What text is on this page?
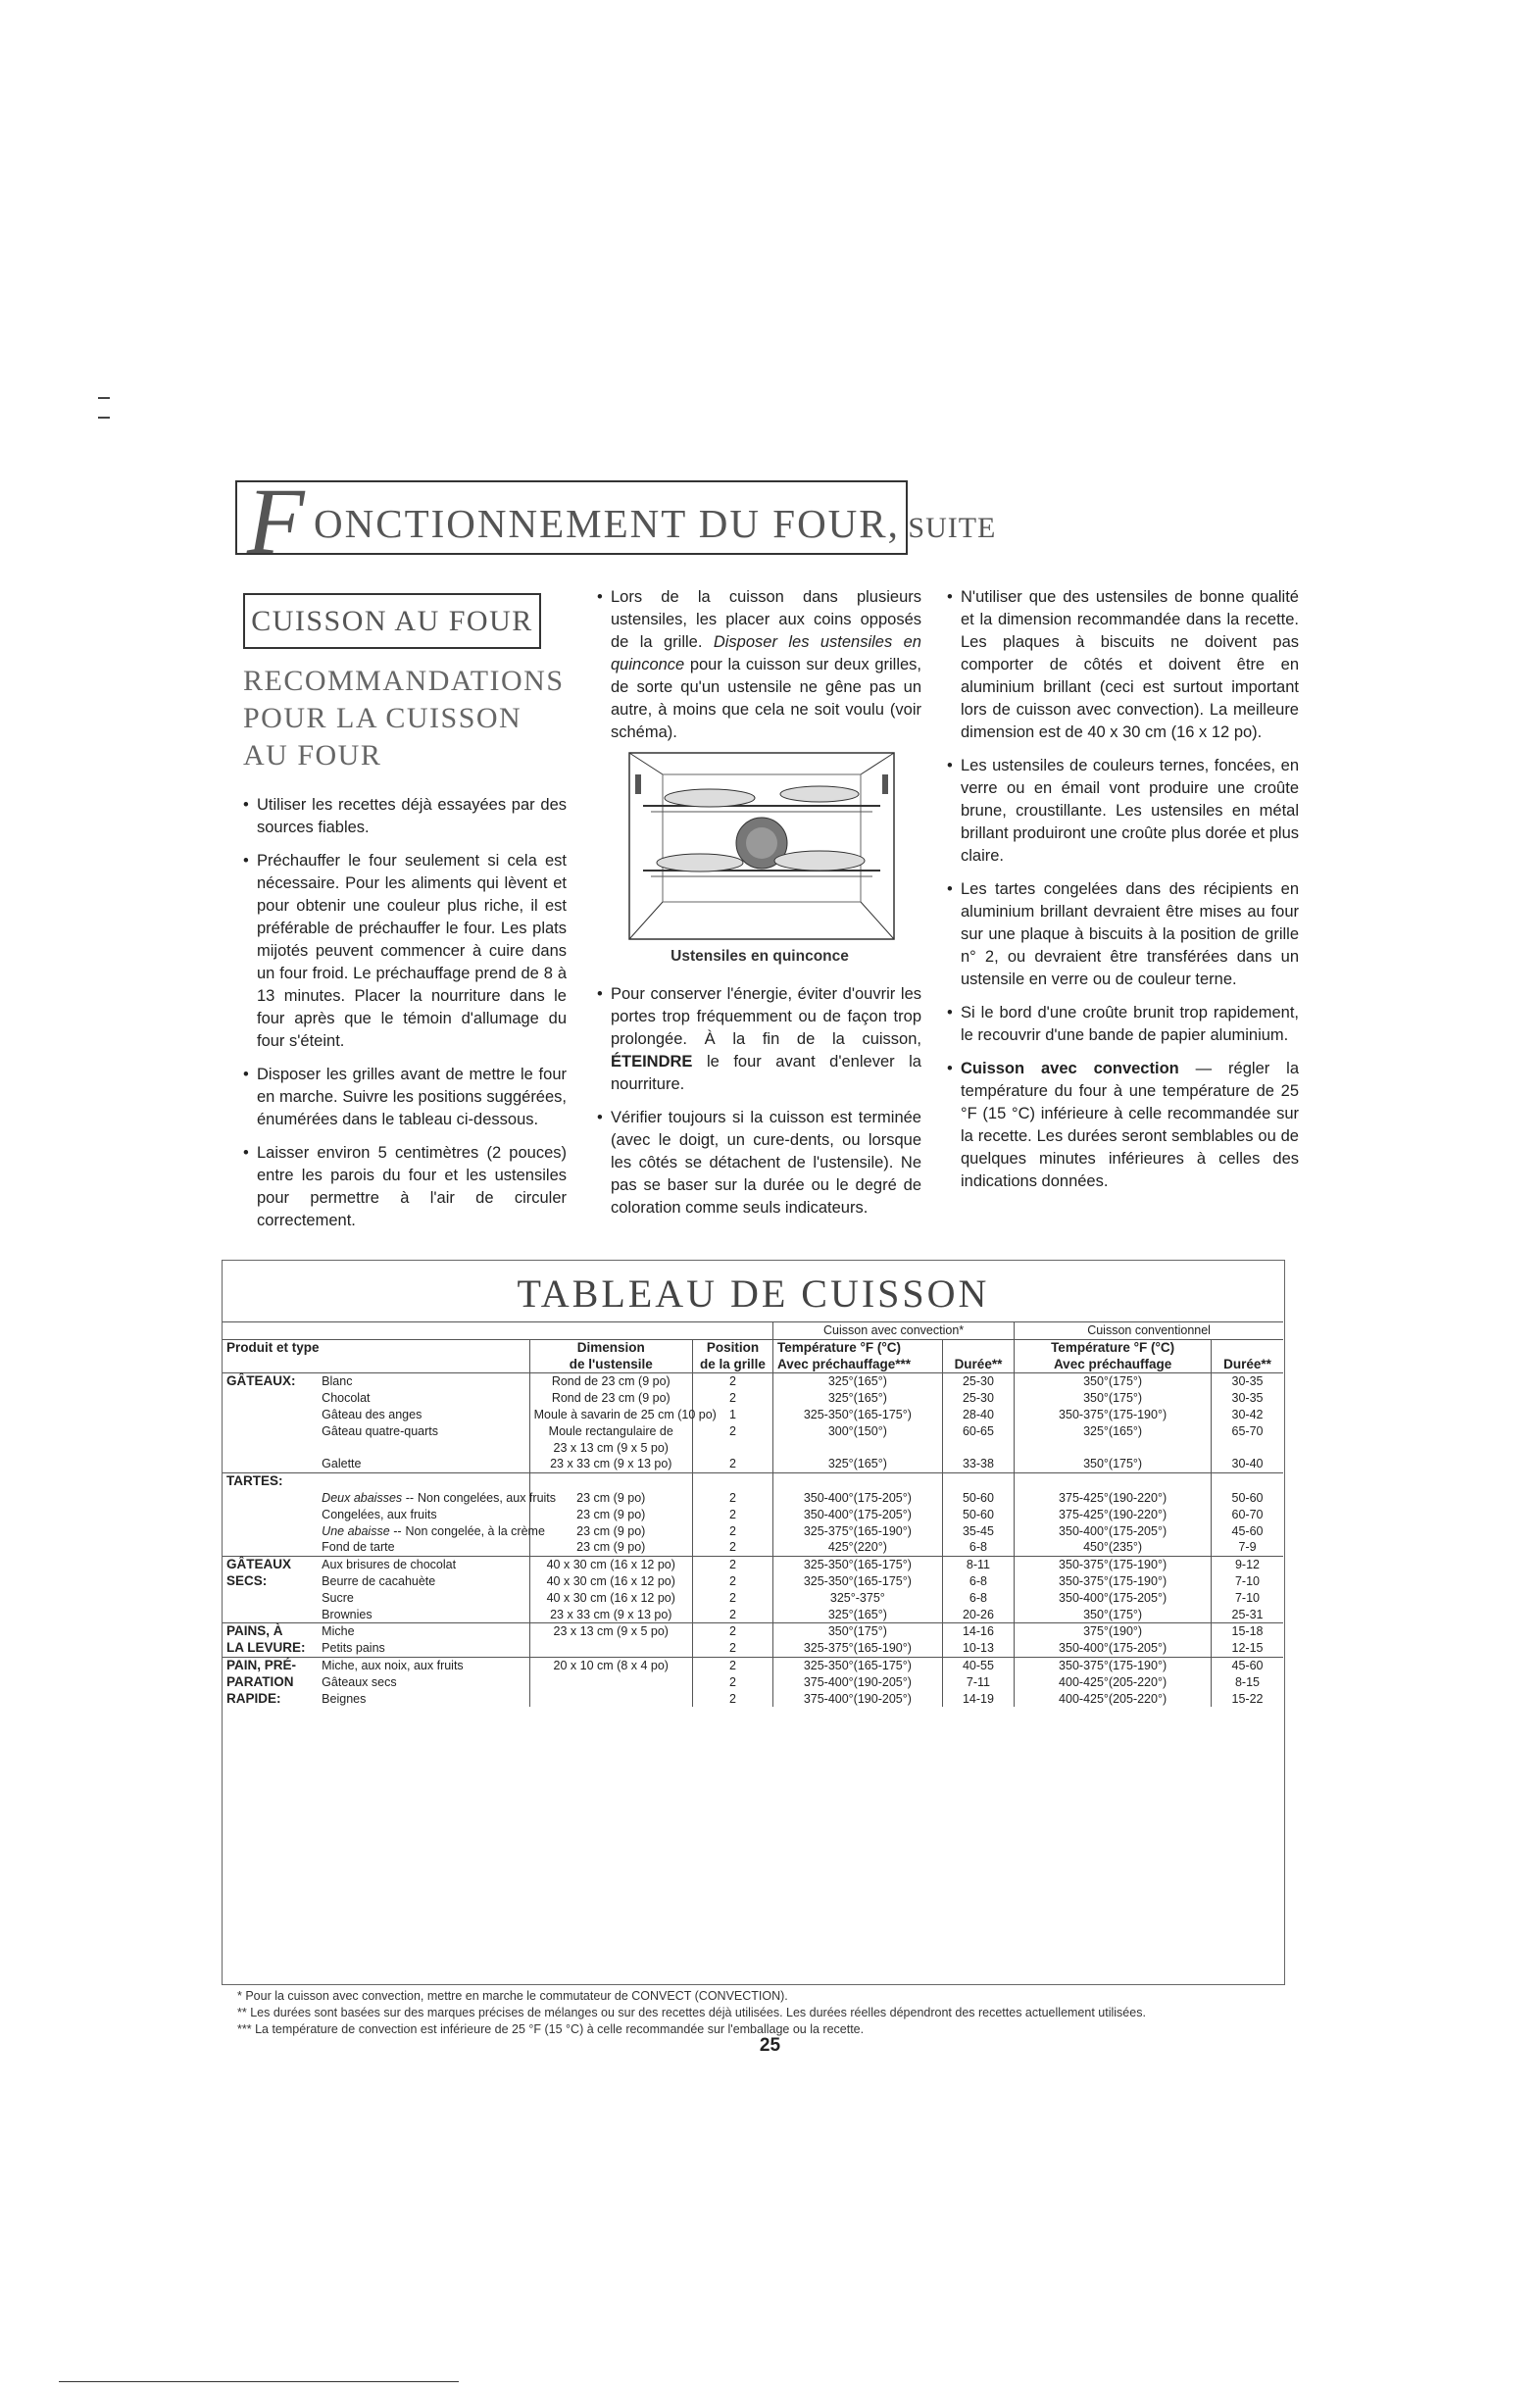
F ONCTIONNEMENT DU FOUR, SUITE
CUISSON AU FOUR
RECOMMANDATIONS POUR LA CUISSON AU FOUR

• Utiliser les recettes déjà essayées par des sources fiables.

• Préchauffer le four seulement si cela est nécessaire. Pour les aliments qui lèvent et pour obtenir une couleur plus riche, il est préférable de préchauffer le four. Les plats mijotés peuvent commencer à cuire dans un four froid. Le préchauffage prend de 8 à 13 minutes. Placer la nourriture dans le four après que le témoin d'allumage du four s'éteint.

• Disposer les grilles avant de mettre le four en marche. Suivre les positions suggérées, énumérées dans le tableau ci-dessous.

• Laisser environ 5 centimètres (2 pouces) entre les parois du four et les ustensiles pour permettre à l'air de circuler correctement.

• Lors de la cuisson dans plusieurs ustensiles, les placer aux coins opposés de la grille. Disposer les ustensiles en quinconce pour la cuisson sur deux grilles, de sorte qu'un ustensile ne gêne pas un autre, à moins que cela ne soit voulu (voir schéma).

Ustensiles en quinconce

• Pour conserver l'énergie, éviter d'ouvrir les portes trop fréquemment ou de façon trop prolongée. À la fin de la cuisson, ÉTEINDRE le four avant d'enlever la nourriture.

• Vérifier toujours si la cuisson est terminée (avec le doigt, un cure-dents, ou lorsque les côtés se détachent de l'ustensile). Ne pas se baser sur la durée ou le degré de coloration comme seuls indicateurs.

• N'utiliser que des ustensiles de bonne qualité et la dimension recommandée dans la recette. Les plaques à biscuits ne doivent pas comporter de côtés et doivent être en aluminium brillant (ceci est surtout important lors de cuisson avec convection). La meilleure dimension est de 40 x 30 cm (16 x 12 po).

• Les ustensiles de couleurs ternes, foncées, en verre ou en émail vont produire une croûte brune, croustillante. Les ustensiles en métal brillant produiront une croûte plus dorée et plus claire.

• Les tartes congelées dans des récipients en aluminium brillant devraient être mises au four sur une plaque à biscuits à la position de grille n° 2, ou devraient être transférées dans un ustensile en verre ou de couleur terne.

• Si le bord d'une croûte brunit trop rapidement, le recouvrir d'une bande de papier aluminium.

• Cuisson avec convection — régler la température du four à une température de 25 °F (15 °C) inférieure à celle recommandée sur la recette. Les durées seront semblables ou de quelques minutes inférieures à celles des indications données.

TABLEAU DE CUISSON
				Cuisson avec convection*		Cuisson conventionnel	
Produit et type		Dimension	Position	Température °F (°C)		Température °F (°C)	
		de l'ustensile	de la grille	Avec préchauffage***	Durée**	Avec préchauffage	Durée**
GÂTEAUX:	Blanc	Rond de 23 cm (9 po)	2	325°(165°)	25-30	350°(175°)	30-35
	Chocolat	Rond de 23 cm (9 po)	2	325°(165°)	25-30	350°(175°)	30-35
	Gâteau des anges	Moule à savarin de 25 cm (10 po)	1	325-350°(165-175°)	28-40	350-375°(175-190°)	30-42
	Gâteau quatre-quarts	Moule rectangulaire de	2	300°(150°)	60-65	325°(165°)	65-70
		23 x 13 cm (9 x 5 po)					
	Galette	23 x 33 cm (9 x 13 po)	2	325°(165°)	33-38	350°(175°)	30-40
TARTES:							
	Deux abaisses -- Non congelées, aux fruits	23 cm (9 po)	2	350-400°(175-205°)	50-60	375-425°(190-220°)	50-60
	Congelées, aux fruits	23 cm (9 po)	2	350-400°(175-205°)	50-60	375-425°(190-220°)	60-70
	Une abaisse -- Non congelée, à la crème	23 cm (9 po)	2	325-375°(165-190°)	35-45	350-400°(175-205°)	45-60
	Fond de tarte	23 cm (9 po)	2	425°(220°)	6-8	450°(235°)	7-9
GÂTEAUX	Aux brisures de chocolat	40 x 30 cm (16 x 12 po)	2	325-350°(165-175°)	8-11	350-375°(175-190°)	9-12
SECS:	Beurre de cacahuète	40 x 30 cm (16 x 12 po)	2	325-350°(165-175°)	6-8	350-375°(175-190°)	7-10
	Sucre	40 x 30 cm (16 x 12 po)	2	325°-375°	6-8	350-400°(175-205°)	7-10
	Brownies	23 x 33 cm (9 x 13 po)	2	325°(165°)	20-26	350°(175°)	25-31
PAINS, À	Miche	23 x 13 cm (9 x 5 po)	2	350°(175°)	14-16	375°(190°)	15-18
LA LEVURE:	Petits pains		2	325-375°(165-190°)	10-13	350-400°(175-205°)	12-15
PAIN, PRÉ-	Miche, aux noix, aux fruits	20 x 10 cm (8 x 4 po)	2	325-350°(165-175°)	40-55	350-375°(175-190°)	45-60
PARATION	Gâteaux secs		2	375-400°(190-205°)	7-11	400-425°(205-220°)	8-15
RAPIDE:	Beignes		2	375-400°(190-205°)	14-19	400-425°(205-220°)	15-22
* Pour la cuisson avec convection, mettre en marche le commutateur de CONVECT (CONVECTION).
** Les durées sont basées sur des marques précises de mélanges ou sur des recettes déjà utilisées. Les durées réelles dépendront des recettes actuellement utilisées.
*** La température de convection est inférieure de 25 °F (15 °C) à celle recommandée sur l'emballage ou la recette.
25
